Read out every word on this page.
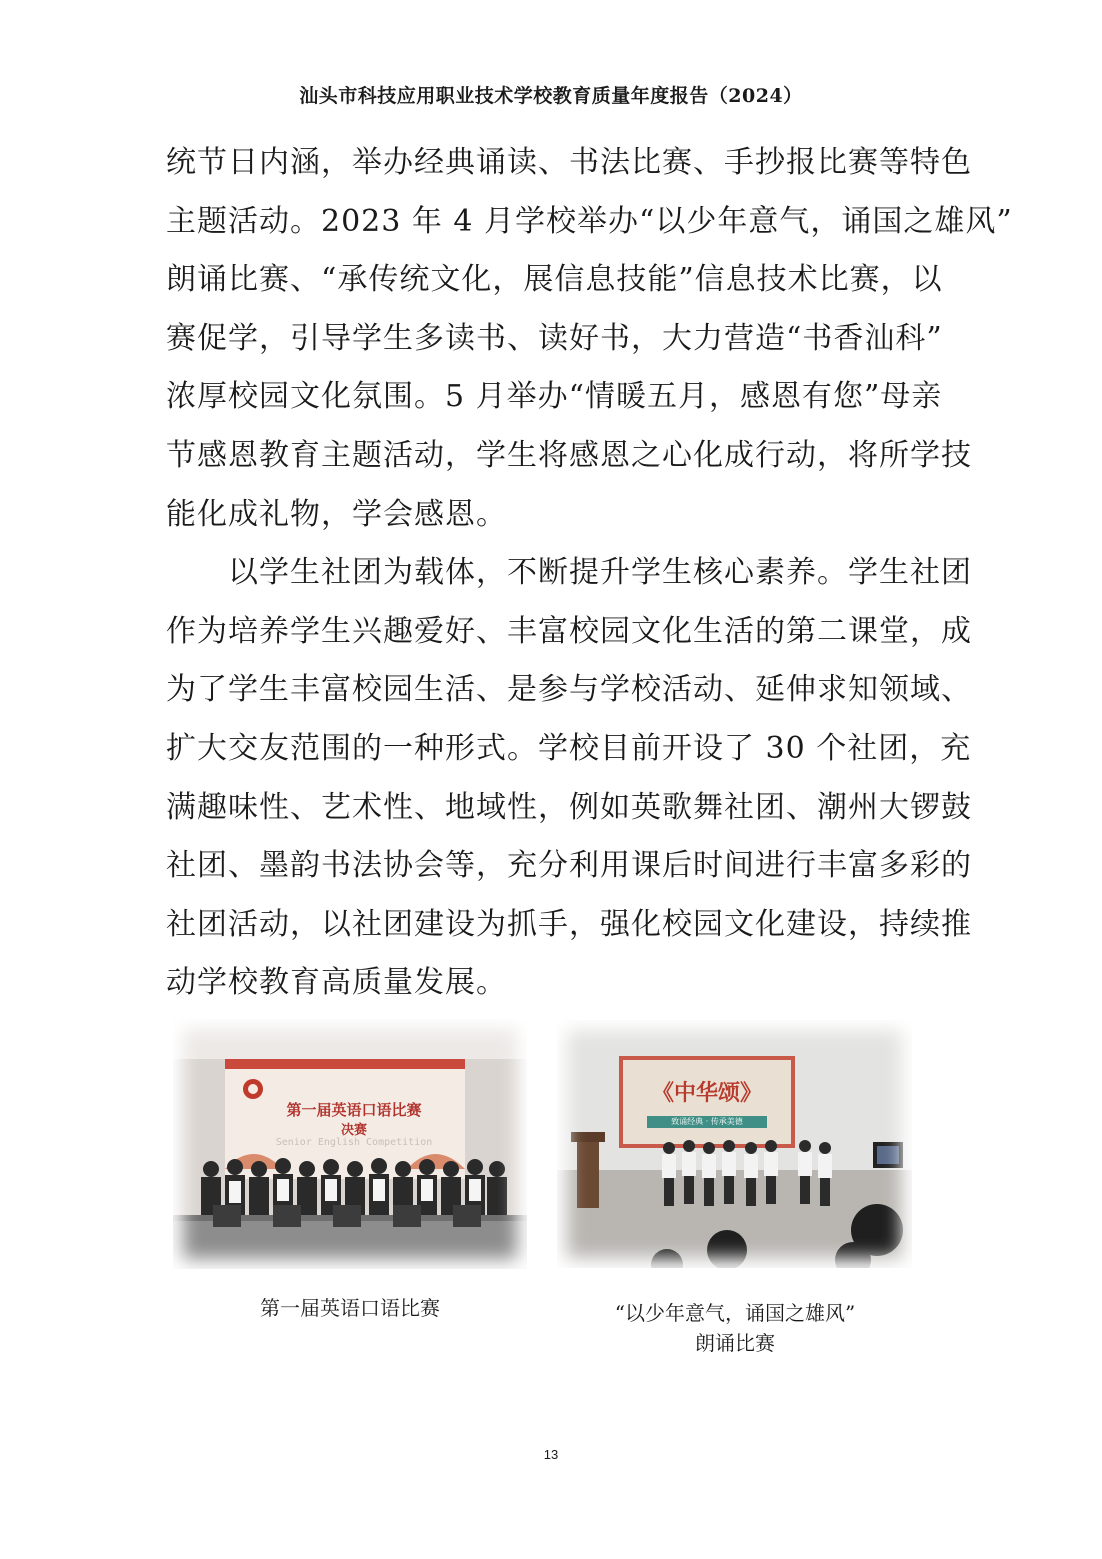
汕头市科技应用职业技术学校教育质量年度报告（2024）
统节日内涵，举办经典诵读、书法比赛、手抄报比赛等特色
主题活动。2023 年 4 月学校举办“以少年意气，诵国之雄风”
朗诵比赛、“承传统文化，展信息技能”信息技术比赛，以
赛促学，引导学生多读书、读好书，大力营造“书香汕科”
浓厚校园文化氛围。5 月举办“情暖五月，感恩有您”母亲
节感恩教育主题活动，学生将感恩之心化成行动，将所学技
能化成礼物，学会感恩。
以学生社团为载体，不断提升学生核心素养。学生社团
作为培养学生兴趣爱好、丰富校园文化生活的第二课堂，成
为了学生丰富校园生活、是参与学校活动、延伸求知领域、
扩大交友范围的一种形式。学校目前开设了 30 个社团，充
满趣味性、艺术性、地域性，例如英歌舞社团、潮州大锣鼓
社团、墨韵书法协会等，充分利用课后时间进行丰富多彩的
社团活动，以社团建设为抓手，强化校园文化建设，持续推
动学校教育高质量发展。
第一届英语口语比赛
决赛
Senior English Competition
《中华颂》
致诵经典 · 传承美德
第一届英语口语比赛	“以少年意气，诵国之雄风”
朗诵比赛
13
